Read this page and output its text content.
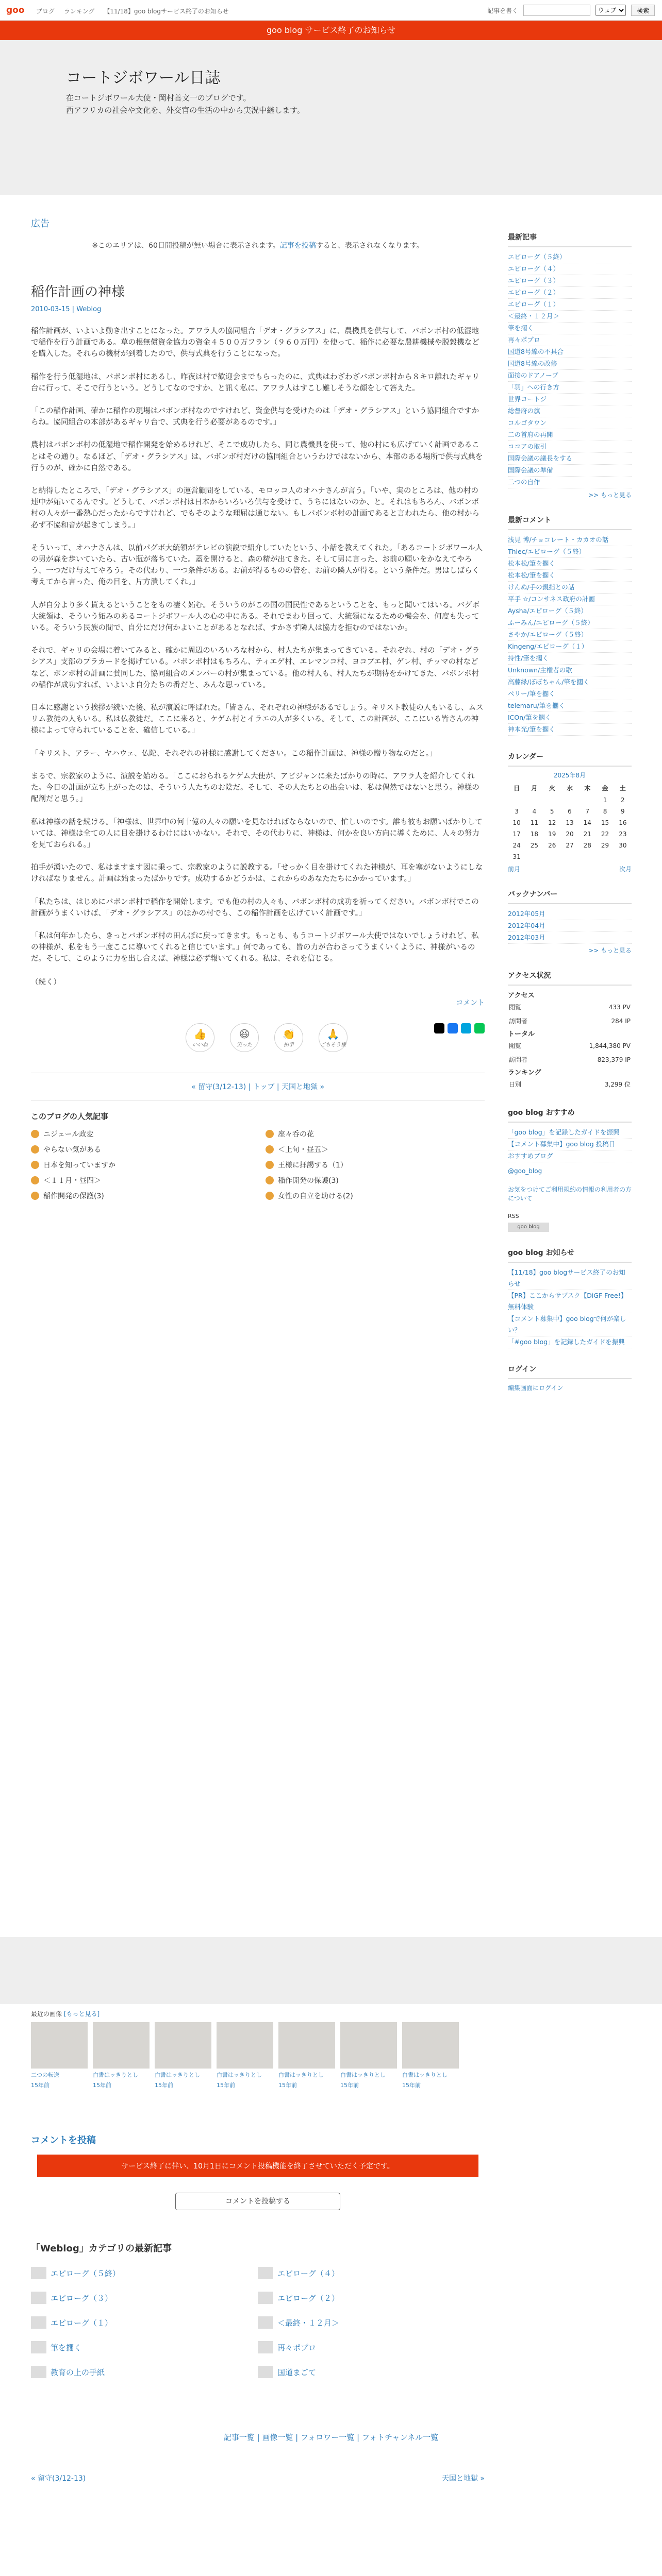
goo ブログ ランキング 【11/18】goo blogサービス終了のお知らせ	記事を書く
ウェブ	検索
goo blog サービス終了のお知らせ
コートジボワール日誌
在コートジボワール大使・岡村善文一のブログです。
西アフリカの社会や文化を、外交官の生活の中から実況中継します。
広告
※このエリアは、60日間投稿が無い場合に表示されます。記事を投稿すると、表示されなくなります。
稲作計画の神様
2010-03-15 | Weblog

稲作計画が、いよいよ動き出すことになった。アワラ人の協同組合「デオ・グラシアス」に、農機具を供与して、バボンボ村の低湿地で稲作を行う計画である。草の根無償資金協力の資金４５００万フラン（９６０万円）を使って、稲作に必要な農耕機械や脱穀機などを購入した。それらの機材が到着したので、供与式典を行うことになった。

稲作を行う低湿地は、バボンボ村にあるし、昨夜は村で歓迎会までもらったのに、式典はわざわざバボンボ村から８キロ離れたギャリ台に行って、そこで行うという。どうしてなのですか、と訊く私に、アワラ人はすこし難しそうな顔をして答えた。

「この稲作計画、確かに稲作の現場はバボンボ村なのですけれど、資金供与を受けたのは「デオ・グラシアス」という協同組合ですからね。協同組合の本部があるギャリ台で、式典を行う必要があるのです。」

農村はバボンボ村の低湿地で稲作開発を始めるけれど、そこで成功したら、同じ農機具を使って、他の村にも広げていく計画であることはその通り。なるほど、「デオ・グラシアス」は、バボンボ村だけの協同組合というわけではないから、本部のある場所で供与式典を行うのが、確かに自然である。

と納得したところで、「デオ・グラシアス」の運営顧問をしている、モロッコ人のオハナさんが言う。「いや、実のところは、他の村の連中が妬いてるんです。どうして、バボンボ村は日本からいろいろ供与を受けて、うちにはないのか、と。それはもちろん、バボンボ村の人々が一番熱心だったからですけれど、でもそのような理屈は通じない。もしバボンボ村の計画であると言われたら、他の村から必ず不協和音が起きてしまう。」

そういって、オハナさんは、以前パグボ大統領がテレビの演説で紹介していたという、小話を教えてくれた。「あるコートジボワール人の男が森を歩いていたら、古い瓶が落ちていた。蓋を開けると、森の精が出てきた。そして男に言った、お前の願いをかなえてやろう、一つだけ与えてやろう。その代わり、一つ条件がある。お前が得るものの倍を、お前の隣人が得る。という条件だ。男はしばらく考えてから言った、俺の目を、片方潰してくれ。」

人が自分より多く貰えるということをもの凄く妬む。そういうのがこの国の国民性であるということを、もっと聞いてはいる。バグボ大統領は、そういう妬みのあるコートジボワール人の心の中にある。それでまわり回って、大統領になるための機会を、何度も失っている。そういう民族の間で、自分にだけ何かよいことがあるとなれば、すかさず隣人は協力を拒むのではないか。

それで、ギャリの会場に着いてみると、確かに周辺のいろいろな村から、村人たちが集まってきている。それぞれ、村の「デオ・グラシアス」支部のプラカードを掲げている。バボンボ村はもちろん、ティエゲ村、エレマンコ村、ヨコブエ村、ゲレ村、チッマの村などなど、ボンボ村の計画に賛同した、協同組合のメンバーの村が集まっている。他の村人も、村人たちが期待をかけてきた、バボンボ村の稲作が成功すれば、いよいよ自分たちの番だと、みんな思っている。

日本に感謝という挨拶が続いた後、私が演説に呼ばれた。「皆さん、それぞれの神様があるでしょう。キリスト教徒の人もいるし、ムスリム教徒の人もいる。私は仏教徒だ。ここに来ると、ケゲム村とイラエの人が多くいる。そして、この計画が、ここにいる皆さんの神様によって守られていることを、確信している。」

「キリスト、アラー、ヤハウェ、仏陀、それぞれの神様に感謝してください。この稲作計画は、神様の贈り物なのだと。」

まるで、宗教家のように、演説を始める。「ここにおられるケゲム大使が、アビジャンに来たばかりの時に、アワラ人を紹介してくれた。今日の計画が立ち上がったのは、そういう人たちのお陰だ。そして、その人たちとの出会いは、私は偶然ではないと思う。神様の配剤だと思う。」

私は神様の話を続ける。「神様は、世界中の何十億の人々の願いを見なければならないので、忙しいのです。誰も彼もお願いばかりしていては、神様は全ての人に目を掛けるわけにはいかない。それで、その代わりに、神様は、何かを良い方向に導くために、人々の努力を見ておられる。」

拍手が湧いたので、私はますます図に乗って、宗教家のように説教する。「せっかく目を掛けてくれた神様が、耳を塞がないようにしなければなりません。計画は始まったばかりです。成功するかどうかは、これからのあなたたちにかかっています。」

「私たちは、はじめにバボンボ村で稲作を開始します。でも他の村の人々も、バボンボ村の成功を祈ってください。バボンボ村でこの計画がうまくいけば、「デオ・グラシアス」のほかの村でも、この稲作計画を広げていく計画です。」

「私は何年かしたら、きっとバボンボ村の田んぼに戻ってきます。もっとも、もうコートジボワール大使ではないでしょうけれど、私の神様が、私をもう一度ここに導いてくれると信じています。」何であっても、皆の力が合わさってうまくいくように、神様がいるのだ。そして、このように力を出し合えば、神様は必ず報いてくれる。私は、それを信じる。

（続く）

コメント
👍
いいね
😆
笑った
👏
拍手
🙏
ごちそう様
« 留守(3/12-13) | トップ | 天国と地獄 »
このブログの人気記事
ニジェール政変	座々呑の花
やらない気がある	＜上旬・昼五＞
日本を知っていますか	王様に拝謁する（1）
＜１１月・昼四＞	稲作開発の保護(3)
稲作開発の保護(3)	女性の自立を助ける(2)
最新記事
エピローグ（５終）
エピローグ（４）
エピローグ（３）
エピローグ（２）
エピローグ（１）
＜最終・１２月＞
筆を擱く
再々ポプロ
国道8号線の不具合
国道8号線の改修
面接のドアノーブ
「羽」への行き方
世界コートジ
総督府の旗
コルゴタウン
二の首府の再開
ココアの取引
国際会議の議長をする
国際会議の準備
二つの自作
>> もっと見る
最新コメント
浅見 博/チョコレート・カカオの話
Thiec/エピローグ（５終）
松本松/筆を擱く
松本松/筆を擱く
けんぬ/手の親指との話
平手 ☆/コンサネス政府の計画
Aysha/エピローグ（５終）
ふーみん/エピローグ（５終）
さやか/エピローグ（５終）
Kingeng/エピローグ（１）
持性/筆を擱く
Unknown/主権者の歌
高藤緑/ぼぼちゃん/筆を擱く
ペリー/筆を擱く
telemaru/筆を擱く
ICOn/筆を擱く
神本光/筆を擱く
カレンダー
2025年8月
日	月	火	水	木	金	土
					1	2
3	4	5	6	7	8	9
10	11	12	13	14	15	16
17	18	19	20	21	22	23
24	25	26	27	28	29	30
31						
前月	次月
バックナンバー
2012年05月
2012年04月
2012年03月
>> もっと見る
アクセス状況
アクセス
閲覧	433 PV
訪問者	284 IP
トータル
閲覧	1,844,380 PV
訪問者	823,379 IP
ランキング
日別	3,299 位
goo blog おすすめ
「goo blog」を記録したガイドを振興
【コメント募集中】goo blog 投稿日
おすすめブログ
@goo_blog
お気をつけてご利用規約の情報の利用者の方について
RSS
goo blog
goo blog お知らせ
【11/18】goo blogサービス終了のお知らせ
【PR】ここからサブスク【DiGF Free!】無料体験
【コメント募集中】goo blogで何が楽しい？
「#goo blog」を記録したガイドを振興
ログイン
編集画面にログイン
最近の画像 [もっと見る]

二つの転送

15年前

白書はッきりとし

15年前

白書はッきりとし

15年前

白書はッきりとし

15年前

白書はッきりとし

15年前

白書はッきりとし

15年前

白書はッきりとし

15年前

コメントを投稿
サービス終了に伴い、10月1日にコメント投稿機能を終了させていただく予定です。
コメントを投稿する
「Weblog」カテゴリの最新記事
エピローグ（５終）	エピローグ（４）
エピローグ（３）	エピローグ（２）
エピローグ（１）	＜最終・１２月＞
筆を擱く	再々ポプロ
教育の上の手紙	国道まごて
記事一覧 | 画像一覧 | フォロワー一覧 | フォトチャンネル一覧
« 留守(3/12-13)	天国と地獄 »
